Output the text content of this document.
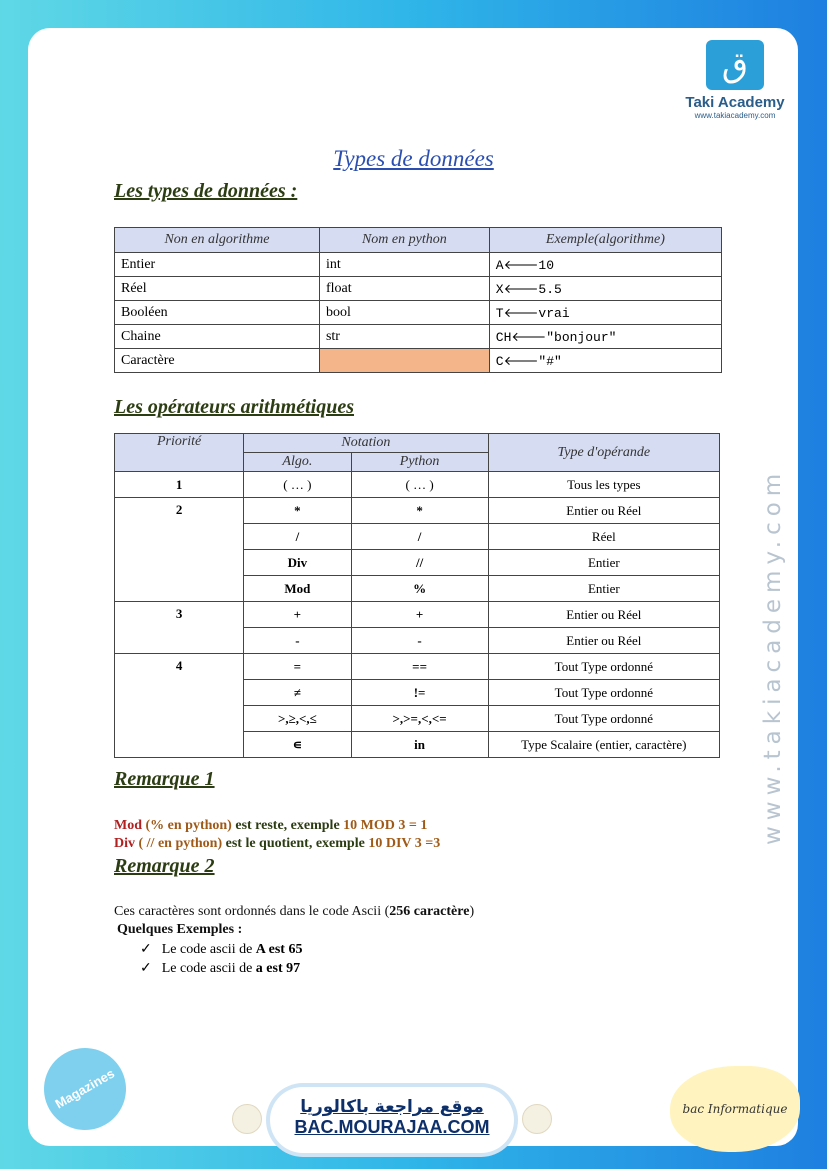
ق
Taki Academy
www.takiacademy.com
Types de données
Les types de données :
Non en algorithme	Nom en python	Exemple(algorithme)
Entier	int	A🡐10
Réel	float	X🡐5.5
Booléen	bool	T🡐vrai
Chaine	str	CH🡐"bonjour"
Caractère		C🡐"#"
Les opérateurs arithmétiques
Priorité	Notation		Type d'opérande
	Algo.	Python	
1	( … )	( … )	Tous les types
2	*	*	Entier ou Réel
	/	/	Réel
	Div	//	Entier
	Mod	%	Entier
3	+	+	Entier ou Réel
	-	-	Entier ou Réel
4	=	==	Tout Type ordonné
	≠	!=	Tout Type ordonné
	>,≥,<,≤	>,>=,<,<=	Tout Type ordonné
	∊	in	Type Scalaire (entier, caractère)
Remarque 1
Mod (% en python) est reste, exemple 10 MOD 3 = 1
Div ( // en python) est le quotient, exemple 10 DIV 3 =3
Remarque 2
Ces caractères sont ordonnés dans le code Ascii (256 caractère)
Quelques Exemples :
✓ Le code ascii de A est 65
✓ Le code ascii de a est 97
www.takiacademy.com
Magazines	موقع مراجعة باكالوريا
BAC.MOURAJAA.COM
bac Informatique
